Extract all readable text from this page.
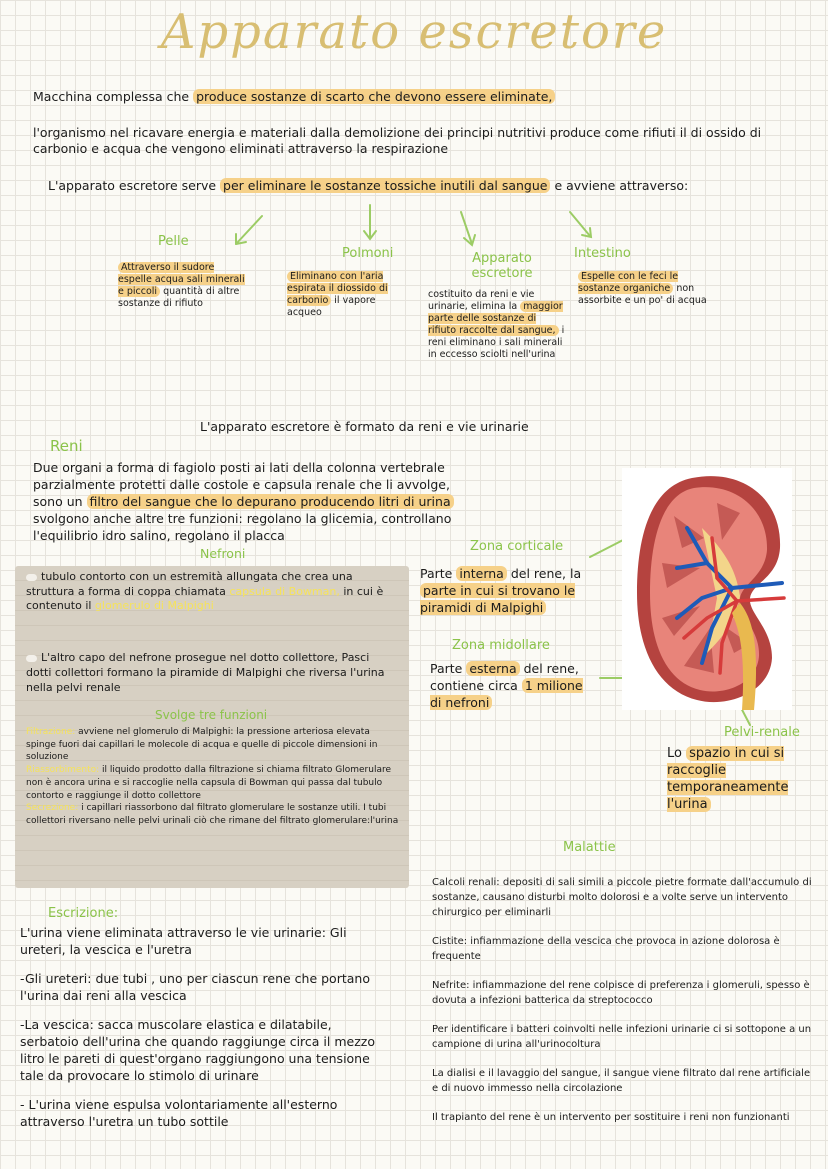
Apparato escretore
Macchina complessa che produce sostanze di scarto che devono essere eliminate,
l'organismo nel ricavare energia e materiali dalla demolizione dei principi nutritivi produce come rifiuti il di ossido di carbonio e acqua che vengono eliminati attraverso la respirazione
L'apparato escretore serve per eliminare le sostanze tossiche inutili dal sangue e avviene attraverso:
Pelle
Attraverso il sudore espelle acqua sali minerali e piccoli quantità di altre sostanze di rifiuto
Polmoni
Eliminano con l'aria espirata il diossido di carbonio il vapore acqueo
Apparato escretore
costituito da reni e vie urinarie, elimina la maggior parte delle sostanze di rifiuto raccolte dal sangue, i reni eliminano i sali minerali in eccesso sciolti nell'urina
Intestino
Espelle con le feci le sostanze organiche non assorbite e un po' di acqua
L'apparato escretore è formato da reni e vie urinarie
Reni
Due organi a forma di fagiolo posti ai lati della colonna vertebrale
parzialmente protetti dalle costole e capsula renale che li avvolge,
sono un filtro del sangue che lo depurano producendo litri di urina
svolgono anche altre tre funzioni: regolano la glicemia, controllano
l'equilibrio idro salino, regolano il placca
Nefroni
tubulo contorto con un estremità allungata che crea una struttura a forma di coppa chiamata capsula di Bowman, in cui è contenuto il glomerulo di Malpighi
L'altro capo del nefrone prosegue nel dotto collettore, Pasci dotti collettori formano la piramide di Malpighi che riversa l'urina nella pelvi renale
Svolge tre funzioni
Filtrazione: avviene nel glomerulo di Malpighi: la pressione arteriosa elevata spinge fuori dai capillari le molecole di acqua e quelle di piccole dimensioni in soluzione
Riassorbimento: il liquido prodotto dalla filtrazione si chiama filtrato Glomerulare
non è ancora urina e si raccoglie nella capsula di Bowman qui passa dal tubulo contorto e raggiunge il dotto collettore
Secrezione: i capillari riassorbono dal filtrato glomerulare le sostanze utili. I tubi
collettori riversano nelle pelvi urinali ciò che rimane del filtrato glomerulare:l'urina
Zona corticale
Parte interna del rene, la parte in cui si trovano le piramidi di Malpighi
Zona midollare
Parte esterna del rene, contiene circa 1 milione di nefroni
Pelvi-renale
Lo spazio in cui si raccoglie temporaneamente l'urina
Malattie
Calcoli renali: depositi di sali simili a piccole pietre formate dall'accumulo di sostanze, causano disturbi molto dolorosi e a volte serve un intervento chirurgico per eliminarli
Cistite: infiammazione della vescica che provoca in azione dolorosa è frequente
Nefrite: infiammazione del rene colpisce di preferenza i glomeruli, spesso è dovuta a infezioni batterica da streptococco
Per identificare i batteri coinvolti nelle infezioni urinarie ci si sottopone a un campione di urina all'urinocoltura
La dialisi e il lavaggio del sangue, il sangue viene filtrato dal rene artificiale e di nuovo immesso nella circolazione
Il trapianto del rene è un intervento per sostituire i reni non funzionanti
Escrizione:
L'urina viene eliminata attraverso le vie urinarie: Gli ureteri, la vescica e l'uretra
-Gli ureteri: due tubi , uno per ciascun rene che portano l'urina dai reni alla vescica
-La vescica: sacca muscolare elastica e dilatabile, serbatoio dell'urina che quando raggiunge circa il mezzo litro le pareti di quest'organo raggiungono una tensione tale da provocare lo stimolo di urinare
- L'urina viene espulsa volontariamente all'esterno attraverso l'uretra un tubo sottile
